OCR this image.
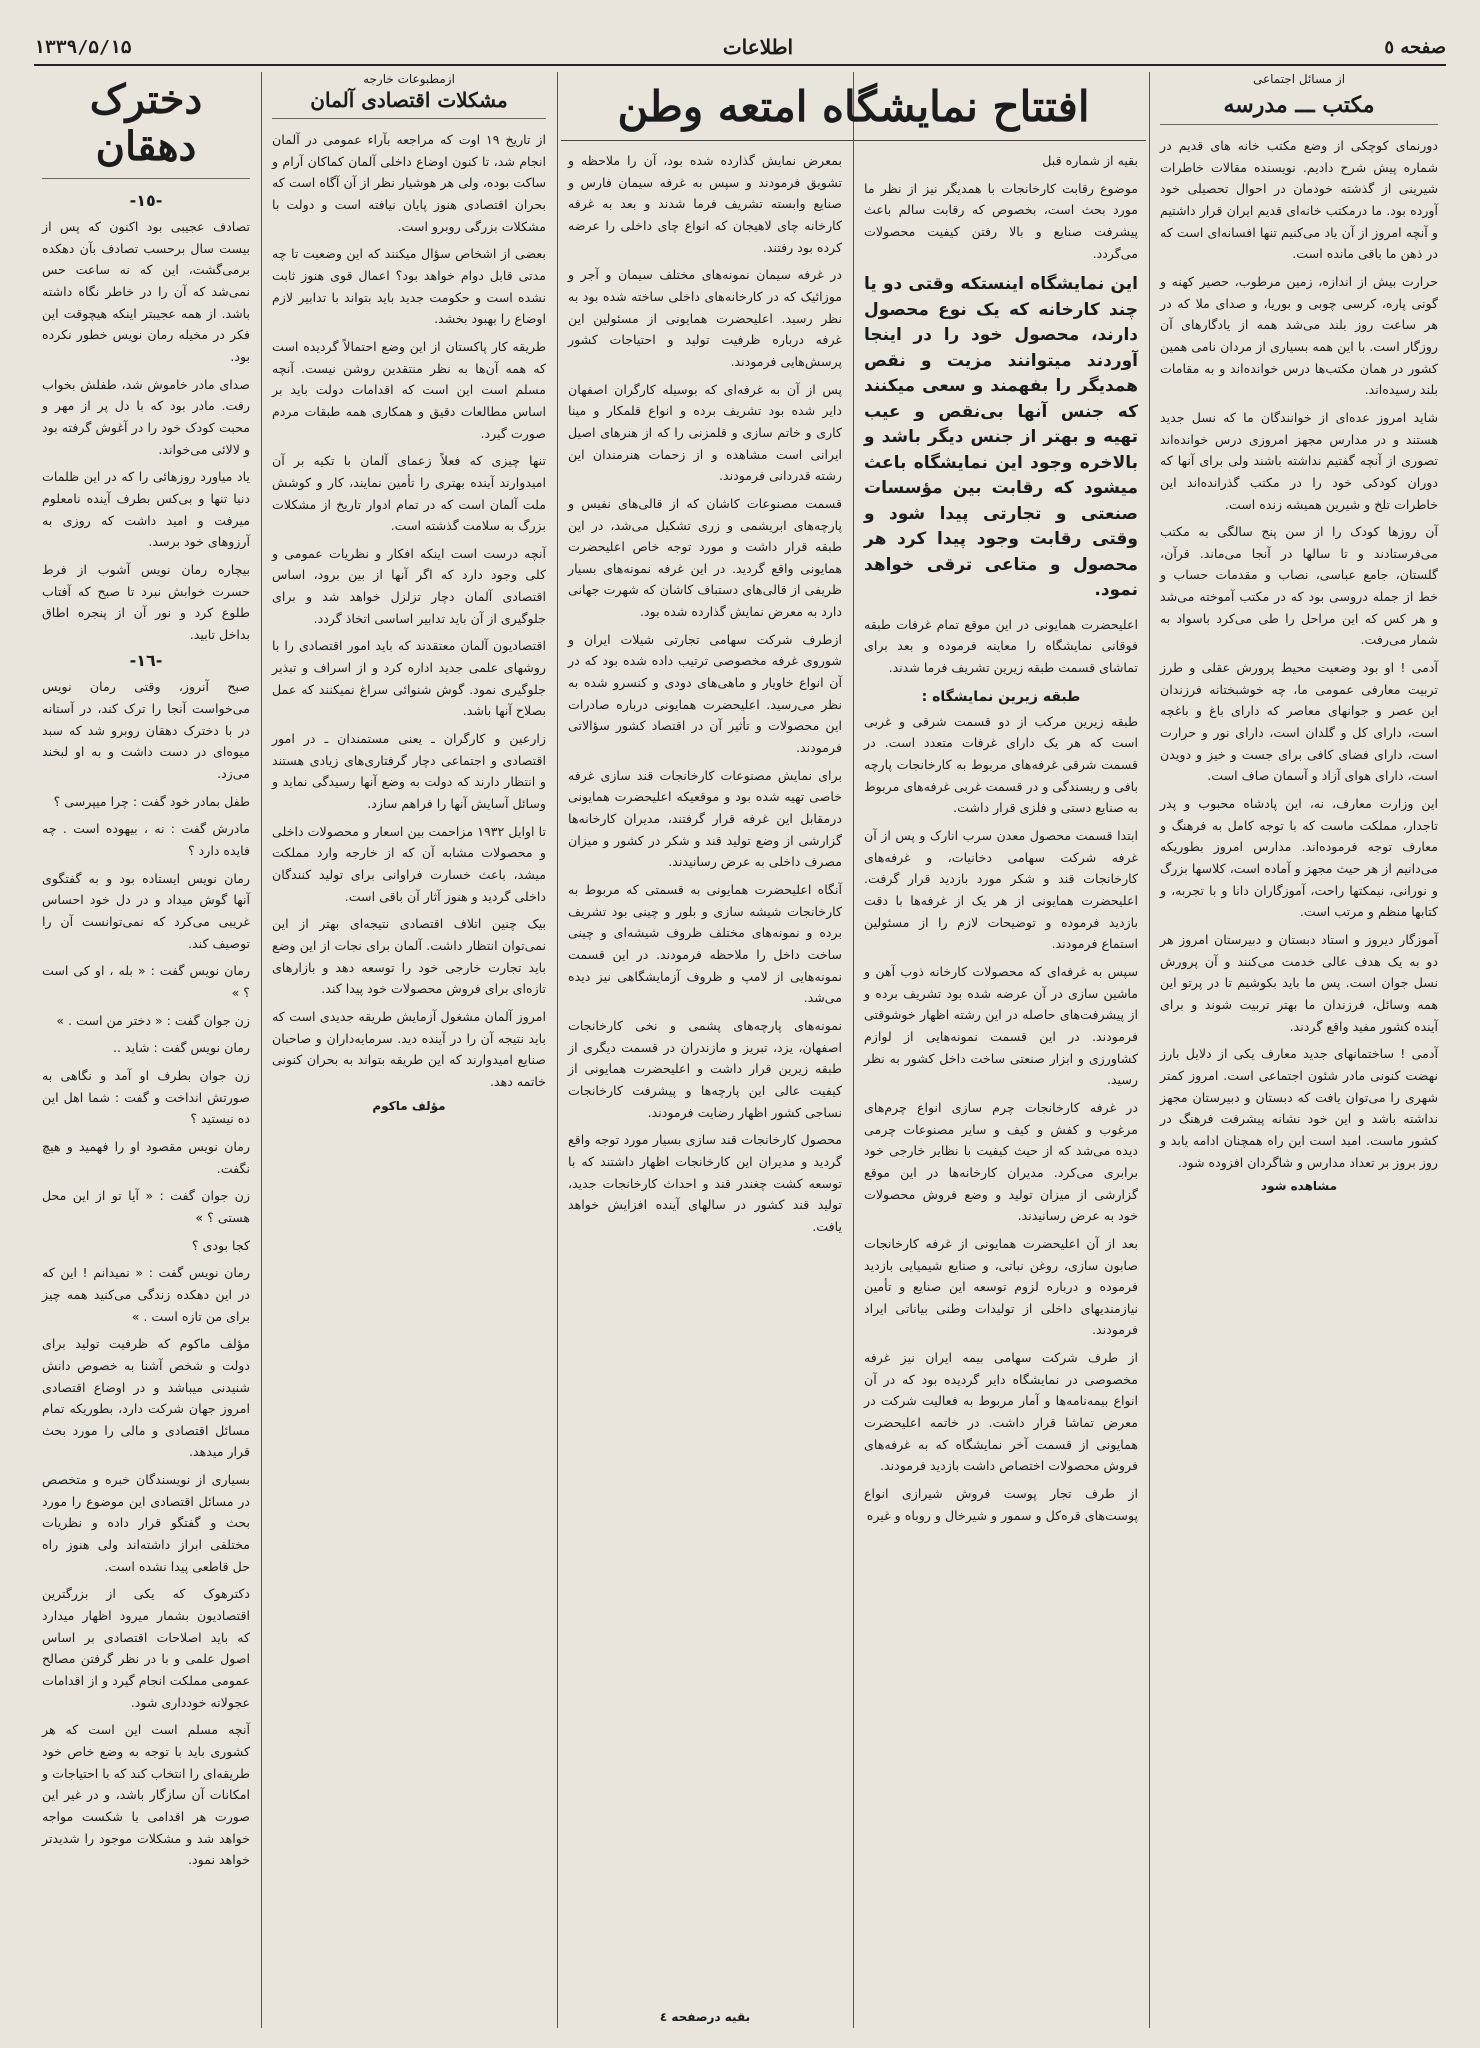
صفحه ٥
اطلاعات
۱۳۳۹/۵/۱۵
افتتاح نمایشگاه امتعه وطن
از مسائل اجتماعی
مکتب ـــ مدرسه

دورنمای کوچکی از وضع مکتب خانه های قدیم در شماره پیش شرح دادیم. نویسنده مقالات خاطرات شیرینی از گذشته خودمان در احوال تحصیلی خود آورده بود. ما درمکتب خانه‌ای قدیم ایران قرار داشتیم و آنچه امروز از آن یاد می‌کنیم تنها افسانه‌ای است که در ذهن ما باقی مانده است.

حرارت بیش از اندازه، زمین مرطوب، حصیر کهنه و گونی پاره، کرسی چوبی و بوریا، و صدای ملا که در هر ساعت روز بلند می‌شد همه از یادگارهای آن روزگار است. با این همه بسیاری از مردان نامی همین کشور در همان مکتب‌ها درس خوانده‌اند و به مقامات بلند رسیده‌اند.

شاید امروز عده‌ای از خوانندگان ما که نسل جدید هستند و در مدارس مجهز امروزی درس خوانده‌اند تصوری از آنچه گفتیم نداشته باشند ولی برای آنها که دوران کودکی خود را در مکتب گذرانده‌اند این خاطرات تلخ و شیرین همیشه زنده است.

آن روزها کودک را از سن پنج سالگی به مکتب می‌فرستادند و تا سالها در آنجا می‌ماند. قرآن، گلستان، جامع عباسی، نصاب و مقدمات حساب و خط از جمله دروسی بود که در مکتب آموخته می‌شد و هر کس که این مراحل را طی می‌کرد باسواد به شمار می‌رفت.

آدمی ! او بود وضعیت محیط پرورش عقلی و طرز تربیت معارفی عمومی ما، چه خوشبختانه فرزندان این عصر و جوانهای معاصر که دارای باغ و باغچه است، دارای کل و گلدان است، دارای نور و حرارت است، دارای فضای کافی برای جست و خیز و دویدن است، دارای هوای آزاد و آسمان صاف است.

این وزارت معارف، نه، این پادشاه محبوب و پدر تاجدار، مملکت ماست که با توجه کامل به فرهنگ و معارف توجه فرموده‌اند. مدارس امروز بطوریکه می‌دانیم از هر حیث مجهز و آماده است، کلاسها بزرگ و نورانی، نیمکتها راحت، آموزگاران دانا و با تجربه، و کتابها منظم و مرتب است.

آموزگار دیروز و استاد دبستان و دبیرستان امروز هر دو به یک هدف عالی خدمت می‌کنند و آن پرورش نسل جوان است. پس ما باید بکوشیم تا در پرتو این همه وسائل، فرزندان ما بهتر تربیت شوند و برای آینده کشور مفید واقع گردند.

آدمی ! ساختمانهای جدید معارف یکی از دلایل بارز نهضت کنونی مادر شئون اجتماعی است. امروز کمتر شهری را می‌توان یافت که دبستان و دبیرستان مجهز نداشته باشد و این خود نشانه پیشرفت فرهنگ در کشور ماست. امید است این راه همچنان ادامه یابد و روز بروز بر تعداد مدارس و شاگردان افزوده شود.

مشاهده شود

بقیه از شماره قبل

موضوع رقابت کارخانجات با همدیگر نیز از نظر ما مورد بحث است، بخصوص که رقابت سالم باعث پیشرفت صنایع و بالا رفتن کیفیت محصولات می‌گردد.

این نمایشگاه اینستکه وقتی دو یا چند کارخانه که یک نوع محصول دارند، محصول خود را در اینجا آوردند میتوانند مزیت و نقص همدیگر را بفهمند و سعی میکنند که جنس آنها بی‌نقص و عیب تهیه و بهتر از جنس دیگر باشد و بالاخره وجود این نمایشگاه باعث میشود که رقابت بین مؤسسات صنعتی و تجارتی پیدا شود و وقتی رقابت وجود پیدا کرد هر محصول و متاعی ترقی خواهد نمود.

اعلیحضرت همایونی در این موقع تمام غرفات طبقه فوقانی نمایشگاه را معاینه فرموده و بعد برای تماشای قسمت طبقه زیرین تشریف فرما شدند.

طبقه زیرین نمایشگاه :

طبقه زیرین مرکب از دو قسمت شرقی و غربی است که هر یک دارای غرفات متعدد است. در قسمت شرقی غرفه‌های مربوط به کارخانجات پارچه بافی و ریسندگی و در قسمت غربی غرفه‌های مربوط به صنایع دستی و فلزی قرار داشت.

ابتدا قسمت محصول معدن سرب انارک و پس از آن غرفه شرکت سهامی دخانیات، و غرفه‌های کارخانجات قند و شکر مورد بازدید قرار گرفت. اعلیحضرت همایونی از هر یک از غرفه‌ها با دقت بازدید فرموده و توضیحات لازم را از مسئولین استماع فرمودند.

سپس به غرفه‌ای که محصولات کارخانه ذوب آهن و ماشین سازی در آن عرضه شده بود تشریف برده و از پیشرفت‌های حاصله در این رشته اظهار خوشوقتی فرمودند. در این قسمت نمونه‌هایی از لوازم کشاورزی و ابزار صنعتی ساخت داخل کشور به نظر رسید.

در غرفه کارخانجات چرم سازی انواع چرم‌های مرغوب و کفش و کیف و سایر مصنوعات چرمی دیده می‌شد که از حیث کیفیت با نظایر خارجی خود برابری می‌کرد. مدیران کارخانه‌ها در این موقع گزارشی از میزان تولید و وضع فروش محصولات خود به عرض رسانیدند.

بعد از آن اعلیحضرت همایونی از غرفه کارخانجات صابون سازی، روغن نباتی، و صنایع شیمیایی بازدید فرموده و درباره لزوم توسعه این صنایع و تأمین نیازمندیهای داخلی از تولیدات وطنی بیاناتی ایراد فرمودند.

از طرف شرکت سهامی بیمه ایران نیز غرفه مخصوصی در نمایشگاه دایر گردیده بود که در آن انواع بیمه‌نامه‌ها و آمار مربوط به فعالیت شرکت در معرض تماشا قرار داشت. در خاتمه اعلیحضرت همایونی از قسمت آخر نمایشگاه که به غرفه‌های فروش محصولات اختصاص داشت بازدید فرمودند.

از طرف تجار پوست فروش شیرازی انواع پوست‌های قره‌کل و سمور و شیرخال و روباه و غیره

بمعرض نمایش گذارده شده بود، آن را ملاحظه و تشویق فرمودند و سپس به غرفه سیمان فارس و صنایع وابسته تشریف فرما شدند و بعد به غرفه کارخانه چای لاهیجان که انواع چای داخلی را عرضه کرده بود رفتند.

در غرفه سیمان نمونه‌های مختلف سیمان و آجر و موزائیک که در کارخانه‌های داخلی ساخته شده بود به نظر رسید. اعلیحضرت همایونی از مسئولین این غرفه درباره ظرفیت تولید و احتیاجات کشور پرسش‌هایی فرمودند.

پس از آن به غرفه‌ای که بوسیله کارگران اصفهان دایر شده بود تشریف برده و انواع قلمکار و مینا کاری و خاتم سازی و قلمزنی را که از هنرهای اصیل ایرانی است مشاهده و از زحمات هنرمندان این رشته قدردانی فرمودند.

قسمت مصنوعات کاشان که از قالی‌های نفیس و پارچه‌های ابریشمی و زری تشکیل می‌شد، در این طبقه قرار داشت و مورد توجه خاص اعلیحضرت همایونی واقع گردید. در این غرفه نمونه‌های بسیار ظریفی از قالی‌های دستباف کاشان که شهرت جهانی دارد به معرض نمایش گذارده شده بود.

ازطرف شرکت سهامی تجارتی شیلات ایران و شوروی غرفه مخصوصی ترتیب داده شده بود که در آن انواع خاویار و ماهی‌های دودی و کنسرو شده به نظر می‌رسید. اعلیحضرت همایونی درباره صادرات این محصولات و تأثیر آن در اقتصاد کشور سؤالاتی فرمودند.

برای نمایش مصنوعات کارخانجات قند سازی غرفه خاصی تهیه شده بود و موقعیکه اعلیحضرت همایونی درمقابل این غرفه قرار گرفتند، مدیران کارخانه‌ها گزارشی از وضع تولید قند و شکر در کشور و میزان مصرف داخلی به عرض رسانیدند.

آنگاه اعلیحضرت همایونی به قسمتی که مربوط به کارخانجات شیشه سازی و بلور و چینی بود تشریف برده و نمونه‌های مختلف ظروف شیشه‌ای و چینی ساخت داخل را ملاحظه فرمودند. در این قسمت نمونه‌هایی از لامپ و ظروف آزمایشگاهی نیز دیده می‌شد.

نمونه‌های پارچه‌های پشمی و نخی کارخانجات اصفهان، یزد، تبریز و مازندران در قسمت دیگری از طبقه زیرین قرار داشت و اعلیحضرت همایونی از کیفیت عالی این پارچه‌ها و پیشرفت کارخانجات نساجی کشور اظهار رضایت فرمودند.

محصول کارخانجات قند سازی بسیار مورد توجه واقع گردید و مدیران این کارخانجات اظهار داشتند که با توسعه کشت چغندر قند و احداث کارخانجات جدید، تولید قند کشور در سالهای آینده افزایش خواهد یافت.

بقیه درصفحه ٤
ازمطبوعات خارجه
مشکلات اقتصادی آلمان

از تاریخ ۱۹ اوت که مراجعه بآراء عمومی در آلمان انجام شد، تا کنون اوضاع داخلی آلمان کماکان آرام و ساکت بوده، ولی هر هوشیار نظر از آن آگاه است که بحران اقتصادی هنوز پایان نیافته است و دولت با مشکلات بزرگی روبرو است.

بعضی از اشخاص سؤال میکنند که این وضعیت تا چه مدتی قابل دوام خواهد بود؟ اعمال قوی هنوز ثابت نشده است و حکومت جدید باید بتواند با تدابیر لازم اوضاع را بهبود بخشد.

طریقه کار پاکستان از این وضع احتمالاً گردیده است که همه آن‌ها به نظر منتقدین روشن نیست. آنچه مسلم است این است که اقدامات دولت باید بر اساس مطالعات دقیق و همکاری همه طبقات مردم صورت گیرد.

تنها چیزی که فعلاً زعمای آلمان با تکیه بر آن امیدوارند آینده بهتری را تأمین نمایند، کار و کوشش ملت آلمان است که در تمام ادوار تاریخ از مشکلات بزرگ به سلامت گذشته است.

آنچه درست است اینکه افکار و نظریات عمومی و کلی وجود دارد که اگر آنها از بین برود، اساس اقتصادی آلمان دچار تزلزل خواهد شد و برای جلوگیری از آن باید تدابیر اساسی اتخاذ گردد.

اقتصادیون آلمان معتقدند که باید امور اقتصادی را با روشهای علمی جدید اداره کرد و از اسراف و تبذیر جلوگیری نمود. گوش شنوائی سراغ نمیکنند که عمل بصلاح آنها باشد.

زارعین و کارگران ـ یعنی مستمندان ـ در امور اقتصادی و اجتماعی دچار گرفتاری‌های زیادی هستند و انتظار دارند که دولت به وضع آنها رسیدگی نماید و وسائل آسایش آنها را فراهم سازد.

تا اوایل ۱۹۳۲ مزاحمت بین اسعار و محصولات داخلی و محصولات مشابه آن که از خارجه وارد مملکت میشد، باعث خسارت فراوانی برای تولید کنندگان داخلی گردید و هنوز آثار آن باقی است.

بیک چنین اتلاف اقتصادی نتیجه‌ای بهتر از این نمی‌توان انتظار داشت. آلمان برای نجات از این وضع باید تجارت خارجی خود را توسعه دهد و بازارهای تازه‌ای برای فروش محصولات خود پیدا کند.

امروز آلمان مشغول آزمایش طریقه جدیدی است که باید نتیجه آن را در آینده دید. سرمایه‌داران و صاحبان صنایع امیدوارند که این طریقه بتواند به بحران کنونی خاتمه دهد.

مؤلف ماکوم
دخترک دهقان
-١٥-

تصادف عجیبی بود اکنون که پس از بیست سال برحسب تصادف بآن دهکده برمی‌گشت، این که نه ساعت حس نمی‌شد که آن را در خاطر نگاه داشته باشد. از همه عجیبتر اینکه هیچوقت این فکر در مخیله رمان نویس خطور نکرده بود.

صدای مادر خاموش شد، طفلش بخواب رفت. مادر بود که با دل پر از مهر و محبت کودک خود را در آغوش گرفته بود و لالائی می‌خواند.

یاد میاورد روزهائی را که در این ظلمات دنیا تنها و بی‌کس بطرف آینده نامعلوم میرفت و امید داشت که روزی به آرزوهای خود برسد.

بیچاره رمان نویس آشوب از فرط حسرت خوابش نبرد تا صبح که آفتاب طلوع کرد و نور آن از پنجره اطاق بداخل تابید.

-١٦-

صبح آنروز، وقتی رمان نویس می‌خواست آنجا را ترک کند، در آستانه در با دخترک دهقان روبرو شد که سبد میوه‌ای در دست داشت و به او لبخند می‌زد.

طفل بمادر خود گفت : چرا میپرسی ؟

مادرش گفت : نه ، بیهوده است . چه فایده دارد ؟

رمان نویس ایستاده بود و به گفتگوی آنها گوش میداد و در دل خود احساس غریبی می‌کرد که نمی‌توانست آن را توصیف کند.

رمان نویس گفت : « بله ، او کی است ؟ »

زن جوان گفت : « دختر من است . »

رمان نویس گفت : شاید ..

زن جوان بطرف او آمد و نگاهی به صورتش انداخت و گفت : شما اهل این ده نیستید ؟

رمان نویس مقصود او را فهمید و هیچ نگفت.

زن جوان گفت : « آیا تو از این محل هستی ؟ »

کجا بودی ؟

رمان نویس گفت : « نمیدانم ! این که در این دهکده زندگی می‌کنید همه چیز برای من تازه است . »

مؤلف ماکوم که ظرفیت تولید برای دولت و شخص آشنا به خصوص دانش شنیدنی میباشد و در اوضاع اقتصادی امروز جهان شرکت دارد، بطوریکه تمام مسائل اقتصادی و مالی را مورد بحث قرار میدهد.

بسیاری از نویسندگان خبره و متخصص در مسائل اقتصادی این موضوع را مورد بحث و گفتگو قرار داده و نظریات مختلفی ابراز داشته‌اند ولی هنوز راه حل قاطعی پیدا نشده است.

دکترهوک که یکی از بزرگترین اقتصادیون بشمار میرود اظهار میدارد که باید اصلاحات اقتصادی بر اساس اصول علمی و با در نظر گرفتن مصالح عمومی مملکت انجام گیرد و از اقدامات عجولانه خودداری شود.

آنچه مسلم است این است که هر کشوری باید با توجه به وضع خاص خود طریقه‌ای را انتخاب کند که با احتیاجات و امکانات آن سازگار باشد، و در غیر این صورت هر اقدامی با شکست مواجه خواهد شد و مشکلات موجود را شدیدتر خواهد نمود.
